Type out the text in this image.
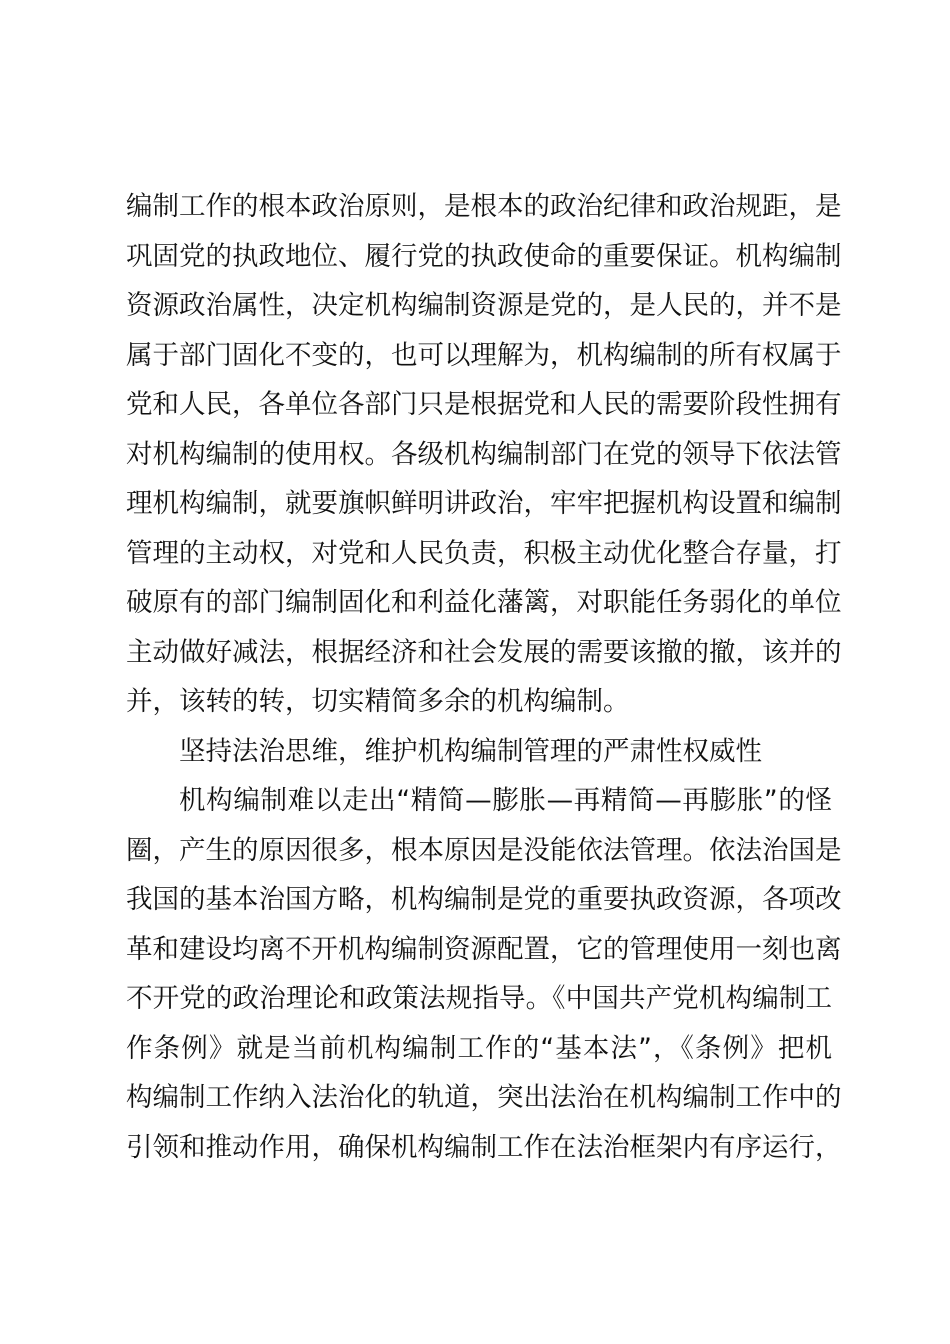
编制工作的根本政治原则，是根本的政治纪律和政治规距，是
巩固党的执政地位、履行党的执政使命的重要保证。机构编制
资源政治属性，决定机构编制资源是党的，是人民的，并不是
属于部门固化不变的，也可以理解为，机构编制的所有权属于
党和人民，各单位各部门只是根据党和人民的需要阶段性拥有
对机构编制的使用权。各级机构编制部门在党的领导下依法管
理机构编制，就要旗帜鲜明讲政治，牢牢把握机构设置和编制
管理的主动权，对党和人民负责，积极主动优化整合存量，打
破原有的部门编制固化和利益化藩篱，对职能任务弱化的单位
主动做好减法，根据经济和社会发展的需要该撤的撤，该并的
并，该转的转，切实精简多余的机构编制。
坚持法治思维，维护机构编制管理的严肃性权威性
机构编制难以走出“精简—膨胀—再精简—再膨胀”的怪
圈，产生的原因很多，根本原因是没能依法管理。依法治国是
我国的基本治国方略，机构编制是党的重要执政资源，各项改
革和建设均离不开机构编制资源配置，它的管理使用一刻也离
不开党的政治理论和政策法规指导。《中国共产党机构编制工
作条例》就是当前机构编制工作的“基本法”，《条例》把机
构编制工作纳入法治化的轨道，突出法治在机构编制工作中的
引领和推动作用，确保机构编制工作在法治框架内有序运行，
